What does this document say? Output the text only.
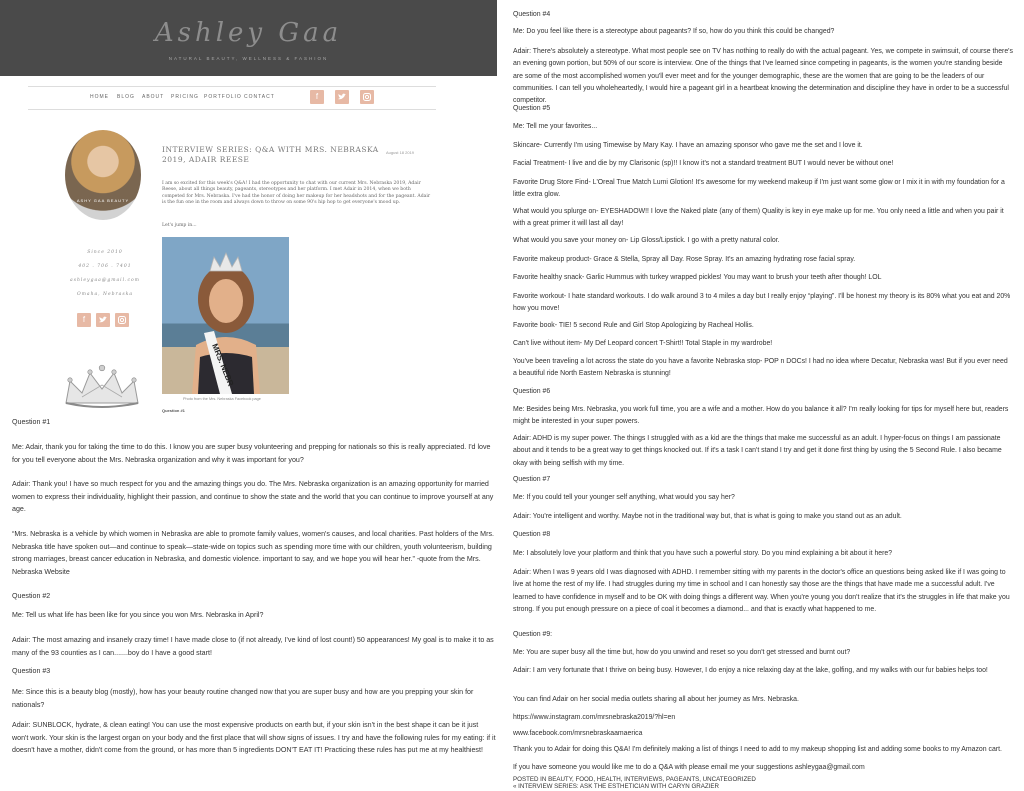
Ashley Gaa
NATURAL BEAUTY, WELLNESS & FASHION
HOME BLOG ABOUT PRICING PORTFOLIO CONTACT	f
ASHY GAA BEAUTY
Since 2010
402 . 706 . 7401
ashleygaa@gmail.com
Omaha, Nebraska
f
INTERVIEW SERIES: Q&A WITH MRS. NEBRASKA 2019, ADAIR REESE
August 18 2019
I am so excited for this week's Q&A! I had the opportunity to chat with our current Mrs. Nebraska 2019, Adair Reese, about all things beauty, pageants, stereotypes and her platform. I met Adair in 2014, when we both competed for Mrs. Nebraska. I've had the honor of doing her makeup for her headshots and for the pageant. Adair is the fun one in the room and always down to throw on some 90's hip hop to get everyone's mood up.
Let's jump in...
MRS. NEBR
Photo from the Mrs. Nebraska Facebook page
Question #1

Question #1

Me: Adair, thank you for taking the time to do this. I know you are super busy volunteering and prepping for nationals so this is really appreciated. I'd love for you tell everyone about the Mrs. Nebraska organization and why it was important for you?

Adair: Thank you! I have so much respect for you and the amazing things you do. The Mrs. Nebraska organization is an amazing opportunity for married women to express their individuality, highlight their passion, and continue to show the state and the world that you can continue to improve yourself at any age.

“Mrs. Nebraska is a vehicle by which women in Nebraska are able to promote family values, women's causes, and local charities. Past holders of the Mrs. Nebraska title have spoken out—and continue to speak—state-wide on topics such as spending more time with our children, youth volunteerism, building strong marriages, breast cancer education in Nebraska, and domestic violence. important to say, and we hope you will hear her.” -quote from the Mrs. Nebraska Website

Question #2

Me: Tell us what life has been like for you since you won Mrs. Nebraska in April?

Adair: The most amazing and insanely crazy time! I have made close to (if not already, I've kind of lost count!) 50 appearances! My goal is to make it to as many of the 93 counties as I can.......boy do I have a good start!

Question #3

Me: Since this is a beauty blog (mostly), how has your beauty routine changed now that you are super busy and how are you prepping your skin for nationals?

Adair: SUNBLOCK, hydrate, & clean eating! You can use the most expensive products on earth but, if your skin isn't in the best shape it can be it just won't work. Your skin is the largest organ on your body and the first place that will show signs of issues. I try and have the following rules for my eating: if it doesn't have a mother, didn't come from the ground, or has more than 5 ingredients DON'T EAT IT! Practicing these rules has put me at my healthiest!

Question #4

Me: Do you feel like there is a stereotype about pageants? If so, how do you think this could be changed?

Adair: There's absolutely a stereotype. What most people see on TV has nothing to really do with the actual pageant. Yes, we compete in swimsuit, of course there's an evening gown portion, but 50% of our score is interview. One of the things that I've learned since competing in pageants, is the women you're standing beside are some of the most accomplished women you'll ever meet and for the younger demographic, these are the women that are going to be the leaders of our communities. I can tell you wholeheartedly, I would hire a pageant girl in a heartbeat knowing the determination and discipline they have in order to be a successful competitor.

Question #5

Me: Tell me your favorites...

Skincare- Currently I'm using Timewise by Mary Kay. I have an amazing sponsor who gave me the set and I love it.

Facial Treatment- I live and die by my Clarisonic (sp)!! I know it's not a standard treatment BUT I would never be without one!

Favorite Drug Store Find- L'Oreal True Match Lumi Glotion! It's awesome for my weekend makeup if I'm just want some glow or I mix it in with my foundation for a little extra glow.

What would you splurge on- EYESHADOW!! I love the Naked plate (any of them) Quality is key in eye make up for me. You only need a little and when you pair it with a great primer it will last all day!

What would you save your money on- Lip Gloss/Lipstick. I go with a pretty natural color.

Favorite makeup product- Grace & Stella, Spray all Day. Rose Spray. It's an amazing hydrating rose facial spray.

Favorite healthy snack- Garlic Hummus with turkey wrapped pickles! You may want to brush your teeth after though! LOL

Favorite workout- I hate standard workouts. I do walk around 3 to 4 miles a day but I really enjoy “playing”. I'll be honest my theory is its 80% what you eat and 20% how you move!

Favorite book- TIE! 5 second Rule and Girl Stop Apologizing by Racheal Hollis.

Can't live without item- My Def Leopard concert T-Shirt!! Total Staple in my wardrobe!

You've been traveling a lot across the state do you have a favorite Nebraska stop- POP n DOCs! I had no idea where Decatur, Nebraska was! But if you ever need a beautiful ride North Eastern Nebraska is stunning!

Question #6

Me: Besides being Mrs. Nebraska, you work full time, you are a wife and a mother. How do you balance it all? I'm really looking for tips for myself here but, readers might be interested in your super powers.

Adair: ADHD is my super power. The things I struggled with as a kid are the things that make me successful as an adult. I hyper-focus on things I am passionate about and it tends to be a great way to get things knocked out. If it's a task I can't stand I try and get it done first thing by using the 5 Second Rule. I also became okay with being selfish with my time.

Question #7

Me: If you could tell your younger self anything, what would you say her?

Adair: You're intelligent and worthy. Maybe not in the traditional way but, that is what is going to make you stand out as an adult.

Question #8

Me: I absolutely love your platform and think that you have such a powerful story. Do you mind explaining a bit about it here?

Adair: When I was 9 years old I was diagnosed with ADHD. I remember sitting with my parents in the doctor's office an questions being asked like if I was going to live at home the rest of my life. I had struggles during my time in school and I can honestly say those are the things that have made me a successful adult. I've learned to have confidence in myself and to be OK with doing things a different way. When you're young you don't realize that it's the struggles in life that make you strong. If you put enough pressure on a piece of coal it becomes a diamond... and that is exactly what happened to me.

Question #9:

Me: You are super busy all the time but, how do you unwind and reset so you don't get stressed and burnt out?

Adair: I am very fortunate that I thrive on being busy. However, I do enjoy a nice relaxing day at the lake, golfing, and my walks with our fur babies helps too!

You can find Adair on her social media outlets sharing all about her journey as Mrs. Nebraska.

https://www.instagram.com/mrsnebraska2019/?hl=en

www.facebook.com/mrsnebraskaamaerica

Thank you to Adair for doing this Q&A! I'm definitely making a list of things I need to add to my makeup shopping list and adding some books to my Amazon cart.

If you have someone you would like me to do a Q&A with please email me your suggestions ashleygaa@gmail.com

POSTED IN BEAUTY, FOOD, HEALTH, INTERVIEWS, PAGEANTS, UNCATEGORIZED

« INTERVIEW SERIES: ASK THE ESTHETICIAN WITH CARYN GRAZIER
